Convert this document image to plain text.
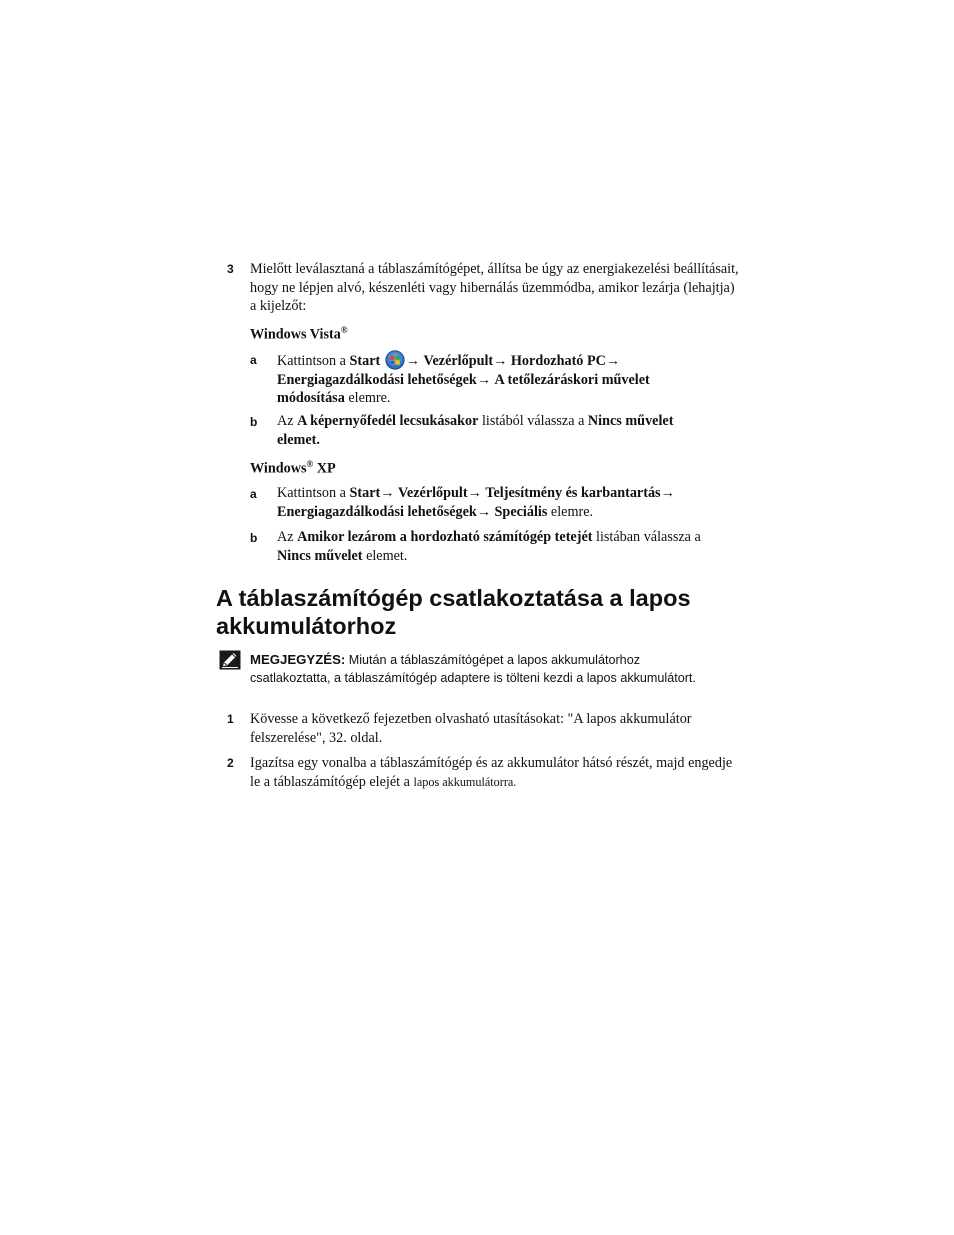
3 Mielőtt leválasztaná a táblaszámítógépet, állítsa be úgy az energiakezelési beállításait, hogy ne lépjen alvó, készenléti vagy hibernálás üzemmódba, amikor lezárja (lehajtja) a kijelzőt:
Windows Vista®
a Kattintson a Start → Vezérlőpult→ Hordozható PC→
Energiagazdálkodási lehetőségek→ A tetőlezáráskori művelet módosítása elemre.
b Az A képernyőfedél lecsukásakor listából válassza a Nincs művelet elemet.
Windows® XP
a Kattintson a Start→ Vezérlőpult→ Teljesítmény és karbantartás→
Energiagazdálkodási lehetőségek→ Speciális elemre.
b Az Amikor lezárom a hordozható számítógép tetejét listában válassza a Nincs művelet elemet.
A táblaszámítógép csatlakoztatása a lapos akkumulátorhoz
MEGJEGYZÉS: Miután a táblaszámítógépet a lapos akkumulátorhoz csatlakoztatta, a táblaszámítógép adaptere is tölteni kezdi a lapos akkumulátort.
1 Kövesse a következő fejezetben olvasható utasításokat: "A lapos akkumulátor felszerelése", 32. oldal.
2 Igazítsa egy vonalba a táblaszámítógép és az akkumulátor hátsó részét, majd engedje le a táblaszámítógép elejét a lapos akkumulátorra.
